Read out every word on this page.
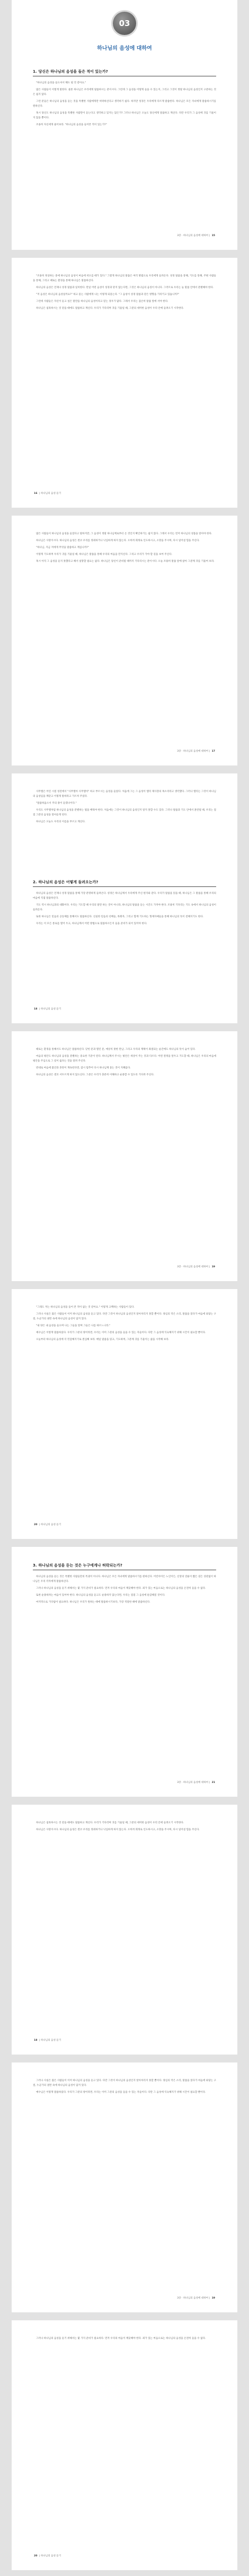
03
하나님의 음성에 대하여
1. 당신은 하나님의 음성을 들은 적이 있는가?

"하나님의 음성을 들으셔서 해도 될 것 같아요."

많은 사람들이 이렇게 말한다. 물론 하나님은 우리에게 말씀하시는 분이시다. 그런데 그 음성을 어떻게 들을 수 있는지, 그리고 그것이 정말 하나님의 음성인지 구분하는 것은 쉽지 않다.

그런 분들은 하나님의 음성을 듣는 것을 특별한 사람에게만 허락하신다고 생각하기 쉽다. 하지만 성경은 우리에게 다르게 말씀한다. 하나님은 모든 자녀에게 말씀하시기를 원하신다.

혹시 당신도 하나님의 음성을 특별한 사람만이 듣는다고 생각하고 있지는 않은가? 그러나 하나님은 오늘도 당신에게 말씀하고 계신다. 다만 우리가 그 음성에 귀를 기울이지 않을 뿐이다.

조용히 자신에게 물어보라. "하나님의 음성을 들어본 적이 있는가?"

3장 · 하나님의 음성에 대하여 | 15

"조용히 묵상하는 중에 하나님의 음성이 마음에 떠오를 때가 있다." 그렇게 하나님의 말씀은 여러 방법으로 우리에게 들려온다. 성경 말씀을 통해, 기도를 통해, 주변 사람들을 통해, 그리고 때로는 환경을 통해 하나님은 말씀하신다.

하나님의 음성은 언제나 성경 말씀과 일치한다. 만일 어떤 음성이 성경과 맞지 않는다면, 그것은 하나님의 음성이 아니다. 그러므로 우리는 늘 말씀 안에서 분별해야 한다.

"저 음성은 하나님의 음성일까요?" 하고 묻는 사람에게 나는 이렇게 되묻는다. "그 음성이 성경 말씀과 같은 방향을 가리키고 있습니까?"

그런데 사람들은 자신이 듣고 싶은 말만을 하나님의 음성이라고 믿는 경우가 많다. 그래서 우리는 겸손히 말씀 앞에 서야 한다.

하나님은 침묵하시는 것 같을 때에도 말씀하고 계신다. 우리가 기다리며 귀를 기울일 때, 그분의 세미한 음성이 우리 안에 들려오기 시작한다.

16 | 하나님의 음성 듣기

많은 사람들이 하나님의 음성을 들었다고 말하지만, 그 음성이 정말 하나님께로부터 온 것인지 확인하기는 쉽지 않다. 그래서 우리는 먼저 하나님의 성품을 알아야 한다.

하나님은 사랑이시다. 하나님의 음성은 결코 우리를 정죄하거나 낙심하게 하지 않는다. 오히려 회개로 인도하시고, 소망을 주시며, 다시 일어설 힘을 주신다.

"하나님, 지금 저에게 무엇을 말씀하고 계십니까?"

이렇게 기도하며 우리가 귀를 기울일 때, 하나님은 말씀을 통해 우리의 마음을 만지신다. 그리고 우리가 가야 할 길을 보여 주신다.

혹시 아직 그 음성을 듣지 못했다고 해서 실망할 필요는 없다. 하나님은 당신이 준비될 때까지 기다리시는 분이시다. 오늘 조용히 말씀 앞에 앉아 그분께 귀를 기울여 보라.

3장 · 하나님의 음성에 대하여 | 17

사무엘은 어린 시절 성전에서 "사무엘아 사무엘아" 하고 부르시는 음성을 들었다. 처음에 그는 그 음성이 엘리 제사장의 목소리라고 생각했다. 그러나 엘리는 그것이 하나님의 음성임을 깨닫고 이렇게 말하라고 가르쳐 주었다.

"말씀하옵소서 주의 종이 듣겠나이다."

우리도 사무엘처럼 하나님의 음성을 분별하는 법을 배워야 한다. 처음에는 그것이 하나님의 음성인지 알지 못할 수도 있다. 그러나 말씀과 기도 안에서 훈련될 때, 우리는 점점 그분의 음성을 알아듣게 된다.

하나님은 오늘도 우리의 이름을 부르고 계신다.

2. 하나님의 음성은 어떻게 들려오는가?

하나님의 음성은 언제나 성경 말씀을 통해 가장 분명하게 들려온다. 성경은 하나님께서 우리에게 주신 편지와 같다. 우리가 말씀을 읽을 때, 하나님은 그 말씀을 통해 우리의 마음에 직접 말씀하신다.

기도 역시 하나님과의 대화이다. 우리는 기도할 때 우리의 말만 하는 것이 아니라, 하나님의 말씀을 듣는 시간도 가져야 한다. 조용히 기다리는 기도 속에서 하나님의 음성이 들려온다.

또한 하나님은 믿음의 공동체를 통해서도 말씀하신다. 신실한 믿음의 선배들, 목회자, 그리고 함께 기도하는 형제자매들을 통해 하나님의 뜻이 전해지기도 한다.

우리는 이 모든 통로를 열어 두고, 하나님께서 어떤 방법으로 말씀하시든지 들을 준비가 되어 있어야 한다.

18 | 하나님의 음성 듣기

때로는 환경을 통해서도 하나님은 말씀하신다. 닫힌 문과 열린 문, 예상치 못한 만남, 그리고 우리의 계획이 좌절되는 순간에도 하나님의 뜻이 숨어 있다.

마음의 평안도 하나님의 음성을 분별하는 중요한 기준이 된다. 하나님께서 주시는 평안은 세상이 주는 것과 다르다. 어떤 결정을 앞두고 기도할 때, 하나님은 우리의 마음에 평안을 주심으로 그 길이 옳다는 것을 알려 주신다.

반대로 마음에 불안과 혼란이 계속된다면, 잠시 멈추어 다시 하나님께 묻는 것이 지혜롭다.

하나님의 음성은 결코 서두르게 하지 않으신다. 그분은 우리가 충분히 이해하고 순종할 수 있도록 기다려 주신다.

3장 · 하나님의 음성에 대하여 | 19

"그래도 저는 하나님의 음성을 들어 본 적이 없는 것 같아요." 이렇게 고백하는 사람들이 있다.

그러나 사실은 많은 사람들이 이미 하나님의 음성을 듣고 있다. 다만 그것이 하나님의 음성인지 알아차리지 못할 뿐이다. 양심의 작은 소리, 말씀을 읽다가 마음에 와닿는 구절, 누군가의 권면 속에 하나님의 음성이 담겨 있다.

"내 양은 내 음성을 들으며 나는 그들을 알며 그들은 나를 따르느니라."

예수님은 이렇게 말씀하셨다. 우리가 그분의 양이라면, 우리는 이미 그분의 음성을 들을 수 있는 자들이다. 다만 그 음성에 익숙해지기 위해 시간이 필요할 뿐이다.

오늘부터 하나님의 음성에 더 민감해지기로 결심해 보라. 매일 말씀을 읽고, 기도하며, 그분께 귀를 기울이는 삶을 시작해 보라.

20 | 하나님의 음성 듣기
3. 하나님의 음성을 듣는 것은 누구에게나 허락되는가?

하나님의 음성을 듣는 것은 특별한 사람들만의 특권이 아니다. 하나님은 모든 자녀에게 말씀하시기를 원하신다. 어린아이든 노인이든, 신앙의 연륜이 짧든 길든 상관없이 하나님은 우리 각자에게 말씀하신다.

그러나 하나님의 음성을 듣기 위해서는 몇 가지 준비가 필요하다. 먼저 우리의 마음이 깨끗해야 한다. 죄가 있는 마음으로는 하나님의 음성을 온전히 들을 수 없다.

또한 순종하려는 마음이 있어야 한다. 하나님의 음성을 듣고도 순종하지 않는다면, 우리는 점점 그 음성에 둔감해질 것이다.

마지막으로 기다림이 필요하다. 하나님은 우리가 원하는 때에 말씀하시기보다, 가장 적절한 때에 말씀하신다.

3장 · 하나님의 음성에 대하여 | 21

하나님은 침묵하시는 것 같을 때에도 말씀하고 계신다. 우리가 기다리며 귀를 기울일 때, 그분의 세미한 음성이 우리 안에 들려오기 시작한다.

하나님은 사랑이시다. 하나님의 음성은 결코 우리를 정죄하거나 낙심하게 하지 않는다. 오히려 회개로 인도하시고, 소망을 주시며, 다시 일어설 힘을 주신다.

18 | 하나님의 음성 듣기

그러나 사실은 많은 사람들이 이미 하나님의 음성을 듣고 있다. 다만 그것이 하나님의 음성인지 알아차리지 못할 뿐이다. 양심의 작은 소리, 말씀을 읽다가 마음에 와닿는 구절, 누군가의 권면 속에 하나님의 음성이 담겨 있다.

예수님은 이렇게 말씀하셨다. 우리가 그분의 양이라면, 우리는 이미 그분의 음성을 들을 수 있는 자들이다. 다만 그 음성에 익숙해지기 위해 시간이 필요할 뿐이다.

3장 · 하나님의 음성에 대하여 | 19

그러나 하나님의 음성을 듣기 위해서는 몇 가지 준비가 필요하다. 먼저 우리의 마음이 깨끗해야 한다. 죄가 있는 마음으로는 하나님의 음성을 온전히 들을 수 없다.

20 | 하나님의 음성 듣기
